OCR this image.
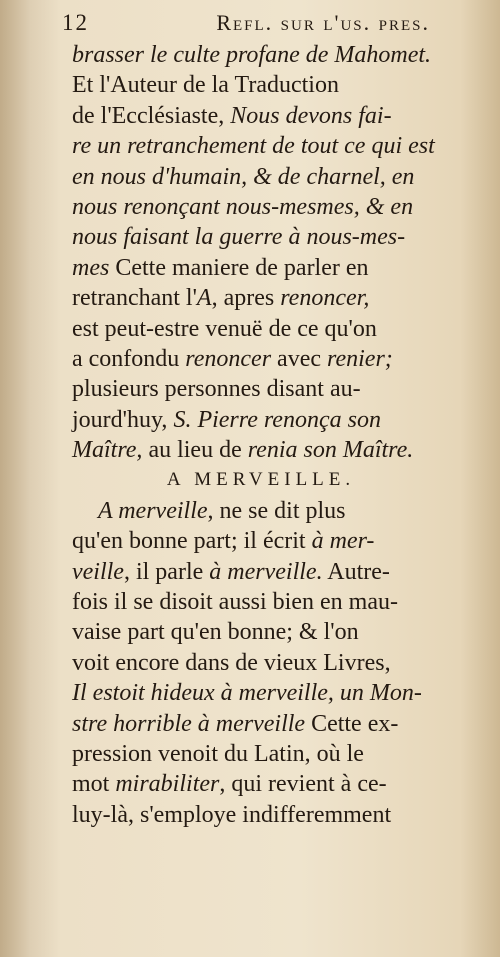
12	Refl. sur l'us. pres.
brasser le culte profane de Mahomet.
Et l'Auteur de la Traduction
de l'Ecclésiaste, Nous devons fai-
re un retranchement de tout ce qui est
en nous d'humain, & de charnel, en
nous renonçant nous-mesmes, & en
nous faisant la guerre à nous-mes-
mes Cette maniere de parler en
retranchant l'A, apres renoncer,
est peut-estre venuë de ce qu'on
a confondu renoncer avec renier;
plusieurs personnes disant au-
jourd'huy, S. Pierre renonça son
Maître, au lieu de renia son Maître.
A MERVEILLE.
A merveille, ne se dit plus
qu'en bonne part; il écrit à mer-
veille, il parle à merveille. Autre-
fois il se disoit aussi bien en mau-
vaise part qu'en bonne; & l'on
voit encore dans de vieux Livres,
Il estoit hideux à merveille, un Mon-
stre horrible à merveille Cette ex-
pression venoit du Latin, où le
mot mirabiliter, qui revient à ce-
luy-là, s'employe indifferemment
